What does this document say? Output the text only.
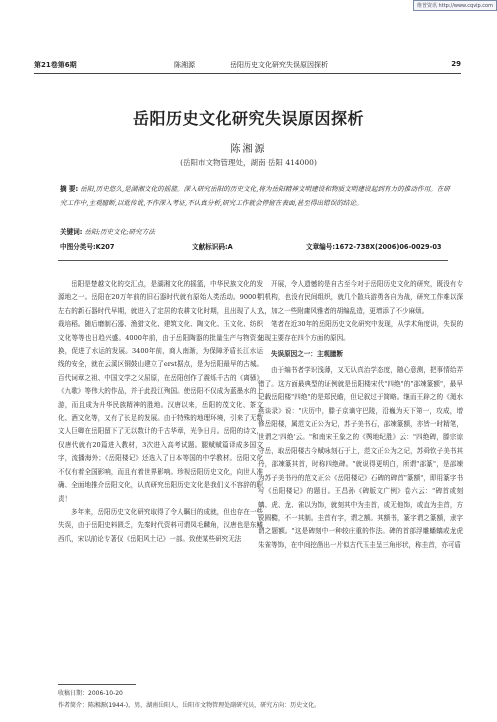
维普资讯 http://www.cqvip.com
第21卷第6期	陈湘源	岳阳历史文化研究失误原因探析	29
岳阳历史文化研究失误原因探析
陈湘源
(岳阳市文物管理处，湖南 岳阳 414000)
摘 要: 岳阳,历史悠久,是湖湘文化的摇篮。深入研究岳阳的历史文化,将为岳阳精神文明建设和物质文明建设起到有力的推动作用。在研究工作中,主观臆断,以讹传讹,不作深入考证,不认真分析,研究工作就会停留在表面,甚至得出错误的结论。
关键词: 岳阳;历史文化;研究方法
中图分类号:K207	文献标识码:A	文章编号:1672-738X(2006)06-0029-03

岳阳是楚越文化的交汇点，是湖湘文化的摇篮，中华民族文化的发源地之一。岳阳在20万年前的旧石器时代就有原始人类活动。9000年左右的新石器时代早期，就进入了定居的农耕文化时期，且出现了人工栽培稻。随后磨制石器、渔猎文化、建筑文化、陶文化、玉文化、纺织文化等等也日趋兴盛。4000年前，由于岳阳陶器的批量生产与物资交换，促进了水运的发展。3400年前，商人南渐，为保障矛盾长江水运线的安全，就在云溪区铜鼓山建立了erst据点，是为岳阳最早的古城。百代词章之祖、中国文学之父屈原，在岳阳创作了震烁千古的《离骚》《九歌》等伟大的作品，并于此投江殉国。使岳阳不仅成为蓝墨水的上游，而且成为升华民族精神的胜地。汉唐以来，岳阳的茂文化、茶文化、酒文化等，又有了长足的发展。由于特殊的地理环境，引来了无数文人巨卿在岳阳留下了无以数计的千古华章，光争日月。岳阳的诗文，仅唐代就有20篇进入教材，3次进入高考试题。腿赋赋篇译成多国文字，流播海外；《岳阳楼记》还选入了日本等国的中学教材。岳阳文化不仅有着全国影响，而且有着世界影响。珍视岳阳历史文化，向世人准确、全面地推介岳阳文化，认真研究岳阳历史文化是我们义不容辞的职责！

多年来，岳阳历史文化研究取得了令人瞩目的成就，但也存在一些失误，由于岳阳史料匮乏，先秦时代资料可谓凤毛麟角，汉唐也是东鳞西爪，宋以前论专著仅《岳阳风土记》一部。致使某些研究无法

开展，令人遗憾的是自古至今对于岳阳历史文化的研究，既没有专门机构，也没有民间组织，就几个散兵游勇各自为战，研究工作难以深入，加之一些附庸风雅者的胡编乱造，更增添了不少麻烦。

笔者在近30年的岳阳历史文化研究中发现，从学术角度讲，失误的出现主要存在四个方面的原因。

失误原因之一：主观臆断

由于编书者学识浅薄，又无认真治学态度，随心意测，把事情给弄错了。这方面最典型的证例就是岳阳楼宋代"四绝"的"邵竦篆额"，最早记载岳阳楼"四绝"的是郑民瞻，但记叙过于简略。继而王辟之的《渑水燕谈录》说："庆历中，滕子京谪守巴陵，沿巍为天下第一，攻成，增修岳阳楼，属范文正公为记，苏子美书石，邵竦篆额，亦皆一时精笔，世谓之'四绝'云。"和南宋王象之的《舆地纪胜》云："四绝碑，滕宗谅守岳，取岳阳楼古今赋咏刻石于上，范文正公为之记，苏舜钦子美书其丹，邵竦篆其首，时称四绝碑。"就说得更明白，所谓"邵篆"，是邵竦为苏子美书丹的范文正公《岳阳楼记》石碑的碑首"篆额"，即用篆字书写《岳阳楼记》的题目。王昌孙《碑版文广例》卷六云："碑首或刻螭、虎、龙、雀以为饰，就刻其中为圭首，或无他饰，或直为圭首，方锐圆橢，不一其制。圭首有字，谓之额。其额书，篆字谓之篆额，隶字谓之题额。"这是碑刻中一种较庄重的作法。碑的首部浮雕蟠螭或龙虎朱雀等饰，在中间挖凿出一片似古代玉圭呈三角形状，称圭首，亦可盾

收稿日期：2006-10-20
作者简介：陈湘源(1944-)，男，湖南岳阳人，岳阳市文物管理处副研究员，研究方向：历史文化。
